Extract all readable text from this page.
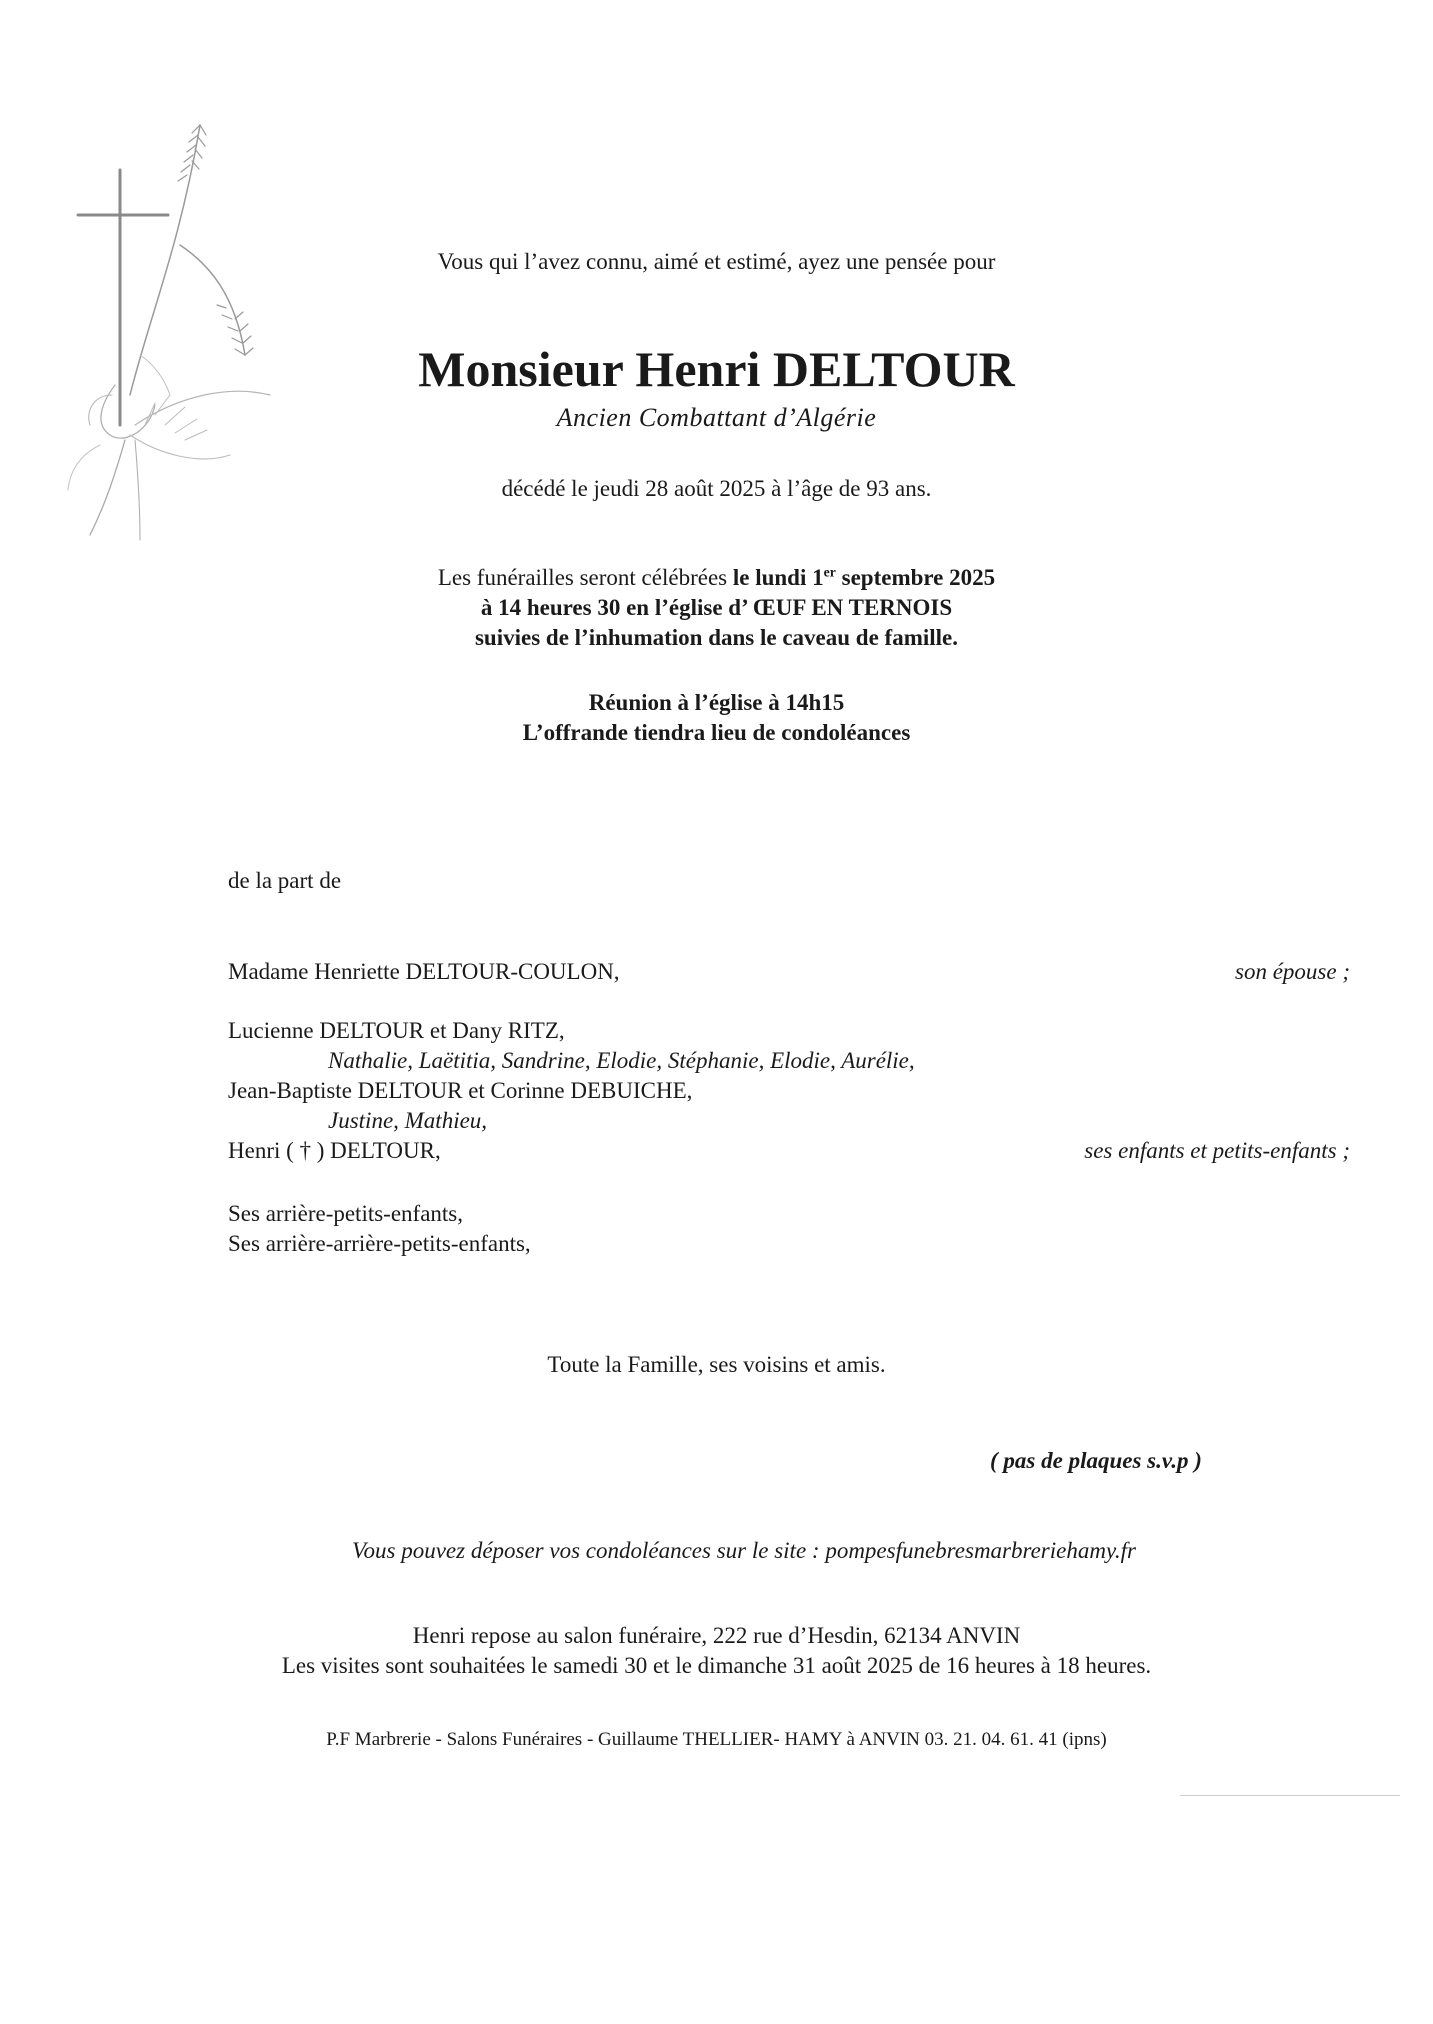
Vous qui l’avez connu, aimé et estimé, ayez une pensée pour
Monsieur Henri DELTOUR
Ancien Combattant d’Algérie
décédé le jeudi 28 août 2025 à l’âge de 93 ans.
Les funérailles seront célébrées le lundi 1er septembre 2025
à 14 heures 30 en l’église d’ ŒUF EN TERNOIS
suivies de l’inhumation dans le caveau de famille.
Réunion à l’église à 14h15
L’offrande tiendra lieu de condoléances
de la part de
Madame Henriette DELTOUR-COULON,	son épouse ;
Lucienne DELTOUR et Dany RITZ,
Nathalie, Laëtitia, Sandrine, Elodie, Stéphanie, Elodie, Aurélie,
Jean-Baptiste DELTOUR et Corinne DEBUICHE,
Justine, Mathieu,
Henri ( † ) DELTOUR,	ses enfants et petits-enfants ;
Ses arrière-petits-enfants,
Ses arrière-arrière-petits-enfants,
Toute la Famille, ses voisins et amis.
( pas de plaques s.v.p )
Vous pouvez déposer vos condoléances sur le site : pompesfunebresmarbreriehamy.fr
Henri repose au salon funéraire, 222 rue d’Hesdin, 62134 ANVIN
Les visites sont souhaitées le samedi 30 et le dimanche 31 août 2025 de 16 heures à 18 heures.
P.F Marbrerie - Salons Funéraires - Guillaume THELLIER- HAMY à ANVIN 03. 21. 04. 61. 41 (ipns)
